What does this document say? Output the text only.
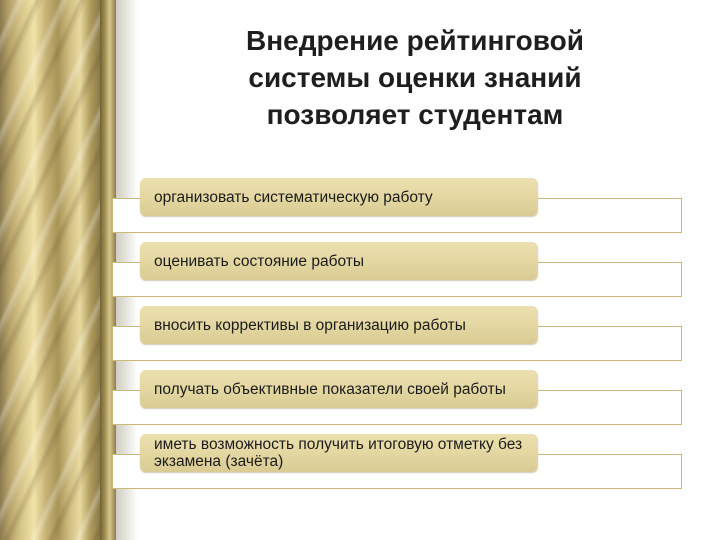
Внедрение рейтинговой системы оценки знаний позволяет студентам
организовать систематическую работу
оценивать состояние работы
вносить коррективы в организацию работы
получать объективные показатели своей работы
иметь возможность получить итоговую отметку без экзамена (зачёта)
